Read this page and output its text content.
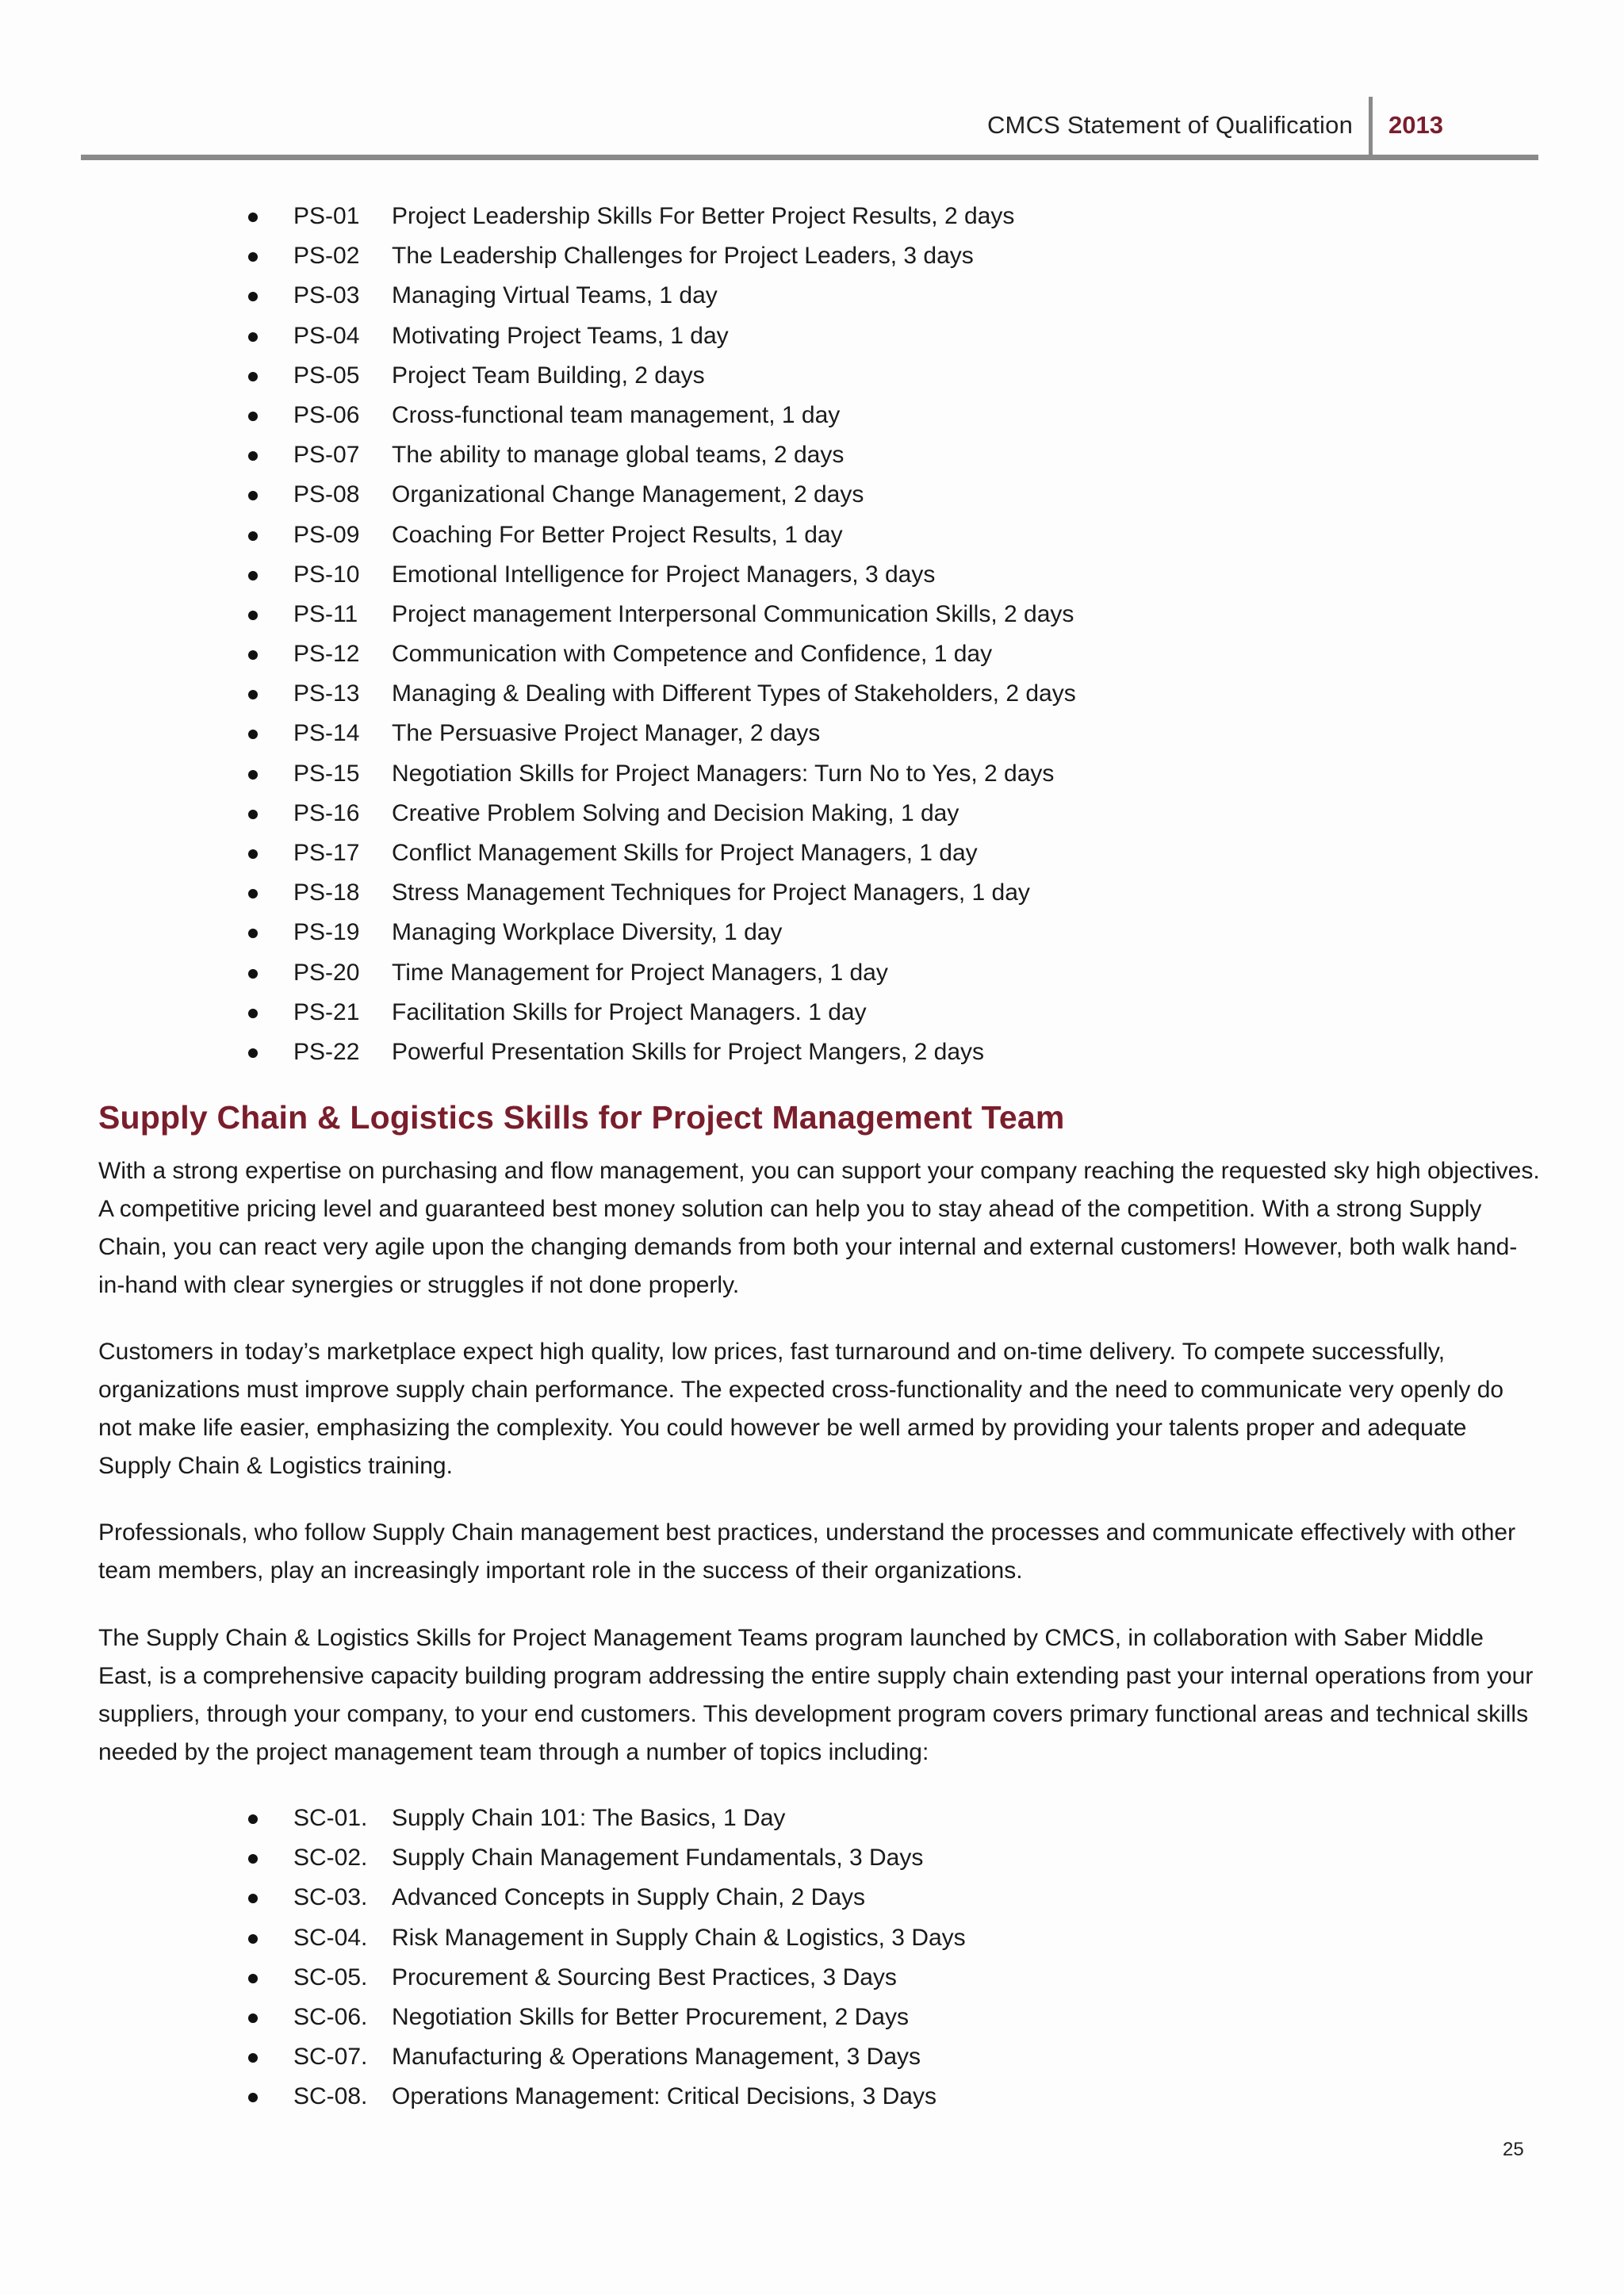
CMCS Statement of Qualification 2013
PS-01 Project Leadership Skills For Better Project Results, 2 days
PS-02 The Leadership Challenges for Project Leaders, 3 days
PS-03 Managing Virtual Teams, 1 day
PS-04 Motivating Project Teams, 1 day
PS-05 Project Team Building, 2 days
PS-06 Cross-functional team management, 1 day
PS-07 The ability to manage global teams, 2 days
PS-08 Organizational Change Management, 2 days
PS-09 Coaching For Better Project Results, 1 day
PS-10 Emotional Intelligence for Project Managers, 3 days
PS-11 Project management Interpersonal Communication Skills, 2 days
PS-12 Communication with Competence and Confidence, 1 day
PS-13 Managing & Dealing with Different Types of Stakeholders, 2 days
PS-14 The Persuasive Project Manager, 2 days
PS-15 Negotiation Skills for Project Managers: Turn No to Yes, 2 days
PS-16 Creative Problem Solving and Decision Making, 1 day
PS-17 Conflict Management Skills for Project Managers, 1 day
PS-18 Stress Management Techniques for Project Managers, 1 day
PS-19 Managing Workplace Diversity, 1 day
PS-20 Time Management for Project Managers, 1 day
PS-21 Facilitation Skills for Project Managers. 1 day
PS-22 Powerful Presentation Skills for Project Mangers, 2 days
Supply Chain & Logistics Skills for Project Management Team

With a strong expertise on purchasing and flow management, you can support your company reaching the requested sky high objectives. A competitive pricing level and guaranteed best money solution can help you to stay ahead of the competition. With a strong Supply Chain, you can react very agile upon the changing demands from both your internal and external customers! However, both walk hand-in-hand with clear synergies or struggles if not done properly.

Customers in today’s marketplace expect high quality, low prices, fast turnaround and on-time delivery. To compete successfully, organizations must improve supply chain performance. The expected cross-functionality and the need to communicate very openly do not make life easier, emphasizing the complexity. You could however be well armed by providing your talents proper and adequate Supply Chain & Logistics training.

Professionals, who follow Supply Chain management best practices, understand the processes and communicate effectively with other team members, play an increasingly important role in the success of their organizations.

The Supply Chain & Logistics Skills for Project Management Teams program launched by CMCS, in collaboration with Saber Middle East, is a comprehensive capacity building program addressing the entire supply chain extending past your internal operations from your suppliers, through your company, to your end customers. This development program covers primary functional areas and technical skills needed by the project management team through a number of topics including:

SC-01. Supply Chain 101: The Basics, 1 Day
SC-02. Supply Chain Management Fundamentals, 3 Days
SC-03. Advanced Concepts in Supply Chain, 2 Days
SC-04. Risk Management in Supply Chain & Logistics, 3 Days
SC-05. Procurement & Sourcing Best Practices, 3 Days
SC-06. Negotiation Skills for Better Procurement, 2 Days
SC-07. Manufacturing & Operations Management, 3 Days
SC-08. Operations Management: Critical Decisions, 3 Days
25
